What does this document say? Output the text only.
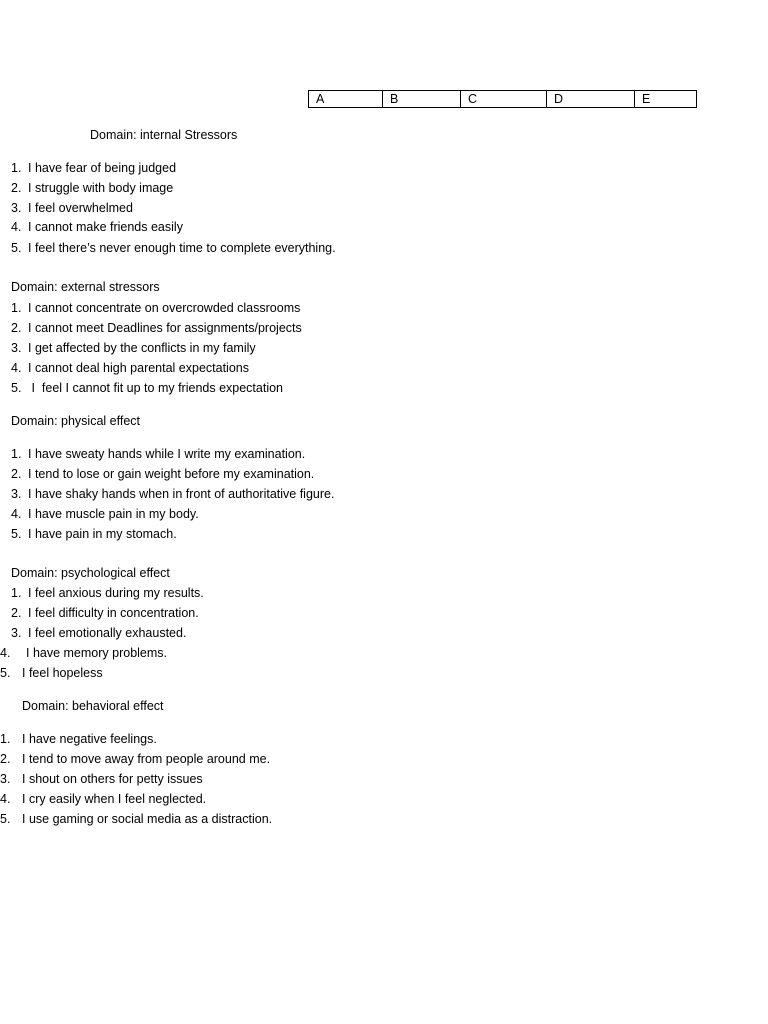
A	B	C	D	E
Domain: internal Stressors
1. I have fear of being judged
2. I struggle with body image
3. I feel overwhelmed
4. I cannot make friends easily
5. I feel there’s never enough time to complete everything.
Domain: external stressors
1. I cannot concentrate on overcrowded classrooms
2. I cannot meet Deadlines for assignments/projects
3. I get affected by the conflicts in my family
4. I cannot deal high parental expectations
5. I  feel I cannot fit up to my friends expectation
Domain: physical effect
1. I have sweaty hands while I write my examination.
2. I tend to lose or gain weight before my examination.
3. I have shaky hands when in front of authoritative figure.
4. I have muscle pain in my body.
5. I have pain in my stomach.
Domain: psychological effect
1. I feel anxious during my results.
2. I feel difficulty in concentration.
3. I feel emotionally exhausted.
4. I have memory problems.
5. I feel hopeless
Domain: behavioral effect
1. I have negative feelings.
2. I tend to move away from people around me.
3. I shout on others for petty issues
4. I cry easily when I feel neglected.
5. I use gaming or social media as a distraction.
